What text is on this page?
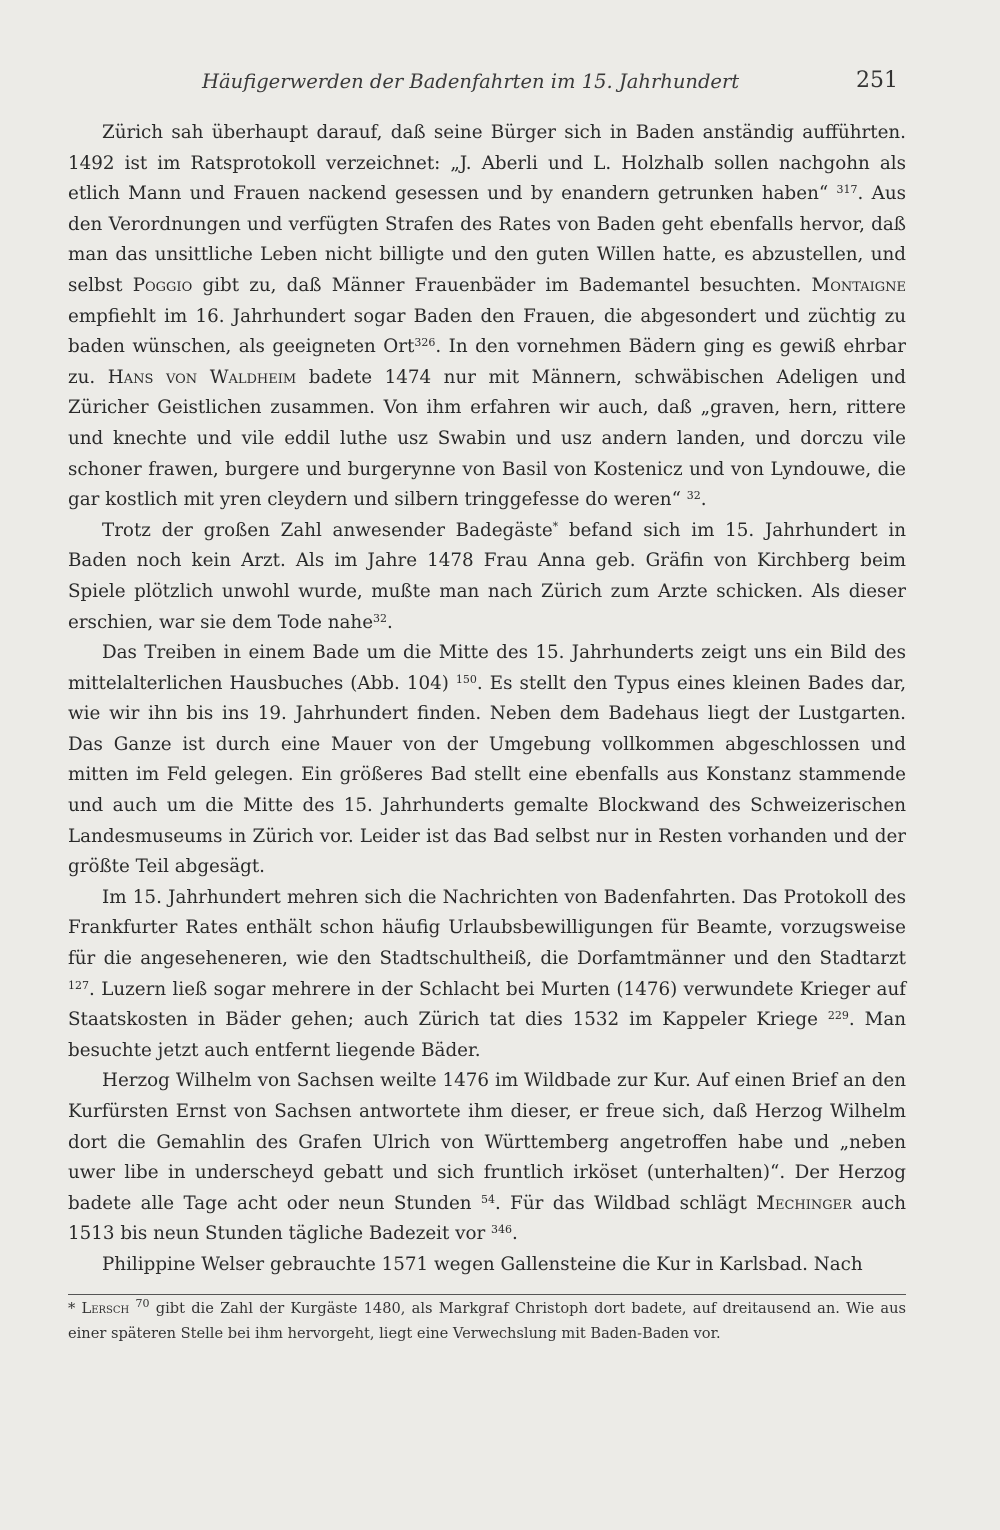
Häufigerwerden der Badenfahrten im 15. Jahrhundert	251

Zürich sah überhaupt darauf, daß seine Bürger sich in Baden anständig aufführten. 1492 ist im Ratsprotokoll verzeichnet: „J. Aberli und L. Holzhalb sollen nachgohn als etlich Mann und Frauen nackend gesessen und by enandern getrunken haben“ $^{317}$. Aus den Verordnungen und verfügten Strafen des Rates von Baden geht ebenfalls hervor, daß man das unsittliche Leben nicht billigte und den guten Willen hatte, es abzustellen, und selbst Poggio gibt zu, daß Männer Frauenbäder im Bademantel besuchten. Montaigne empfiehlt im 16. Jahrhundert sogar Baden den Frauen, die abgesondert und züchtig zu baden wünschen, als geeigneten Ort$^{326}$. In den vornehmen Bädern ging es gewiß ehrbar zu. Hans von Waldheim badete 1474 nur mit Männern, schwäbischen Adeligen und Züricher Geistlichen zusammen. Von ihm erfahren wir auch, daß „graven, hern, rittere und knechte und vile eddil luthe usz Swabin und usz andern landen, und dorczu vile schoner frawen, burgere und burgerynne von Basil von Kostenicz und von Lyndouwe, die gar kostlich mit yren cleydern und silbern tringgefesse do weren“ $^{32}$.

Trotz der großen Zahl anwesender Badegäste* befand sich im 15. Jahrhundert in Baden noch kein Arzt. Als im Jahre 1478 Frau Anna geb. Gräfin von Kirchberg beim Spiele plötzlich unwohl wurde, mußte man nach Zürich zum Arzte schicken. Als dieser erschien, war sie dem Tode nahe$^{32}$.

Das Treiben in einem Bade um die Mitte des 15. Jahrhunderts zeigt uns ein Bild des mittelalterlichen Hausbuches (Abb. 104) $^{150}$. Es stellt den Typus eines kleinen Bades dar, wie wir ihn bis ins 19. Jahrhundert finden. Neben dem Badehaus liegt der Lustgarten. Das Ganze ist durch eine Mauer von der Umgebung vollkommen abgeschlossen und mitten im Feld gelegen. Ein größeres Bad stellt eine ebenfalls aus Konstanz stammende und auch um die Mitte des 15. Jahrhunderts gemalte Blockwand des Schweizerischen Landesmuseums in Zürich vor. Leider ist das Bad selbst nur in Resten vorhanden und der größte Teil abgesägt.

Im 15. Jahrhundert mehren sich die Nachrichten von Badenfahrten. Das Protokoll des Frankfurter Rates enthält schon häufig Urlaubsbewilligungen für Beamte, vorzugsweise für die angeseheneren, wie den Stadtschultheiß, die Dorfamtmänner und den Stadtarzt $^{127}$. Luzern ließ sogar mehrere in der Schlacht bei Murten (1476) verwundete Krieger auf Staatskosten in Bäder gehen; auch Zürich tat dies 1532 im Kappeler Kriege $^{229}$. Man besuchte jetzt auch entfernt liegende Bäder.

Herzog Wilhelm von Sachsen weilte 1476 im Wildbade zur Kur. Auf einen Brief an den Kurfürsten Ernst von Sachsen antwortete ihm dieser, er freue sich, daß Herzog Wilhelm dort die Gemahlin des Grafen Ulrich von Württemberg angetroffen habe und „neben uwer libe in underscheyd gebatt und sich fruntlich irköset (unterhalten)“. Der Herzog badete alle Tage acht oder neun Stunden $^{54}$. Für das Wildbad schlägt Mechinger auch 1513 bis neun Stunden tägliche Badezeit vor $^{346}$.

Philippine Welser gebrauchte 1571 wegen Gallensteine die Kur in Karlsbad. Nach

* Lersch $^{70}$ gibt die Zahl der Kurgäste 1480, als Markgraf Christoph dort badete, auf dreitausend an. Wie aus einer späteren Stelle bei ihm hervorgeht, liegt eine Verwechslung mit Baden-Baden vor.
